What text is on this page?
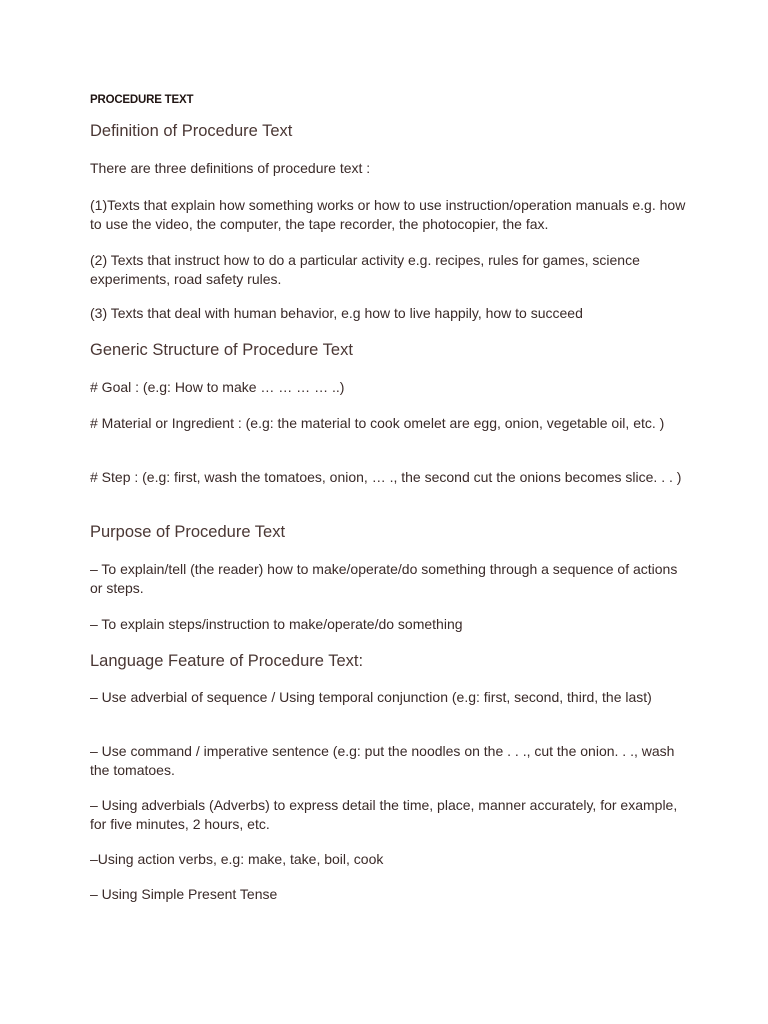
PROCEDURE TEXT
Definition of Procedure Text
There are three definitions of procedure text :
(1)Texts that explain how something works or how to use instruction/operation manuals e.g. how to use the video, the computer, the tape recorder, the photocopier, the fax.
(2) Texts that instruct how to do a particular activity e.g. recipes, rules for games, science experiments, road safety rules.
(3) Texts that deal with human behavior, e.g how to live happily, how to succeed
Generic Structure of Procedure Text
# Goal : (e.g: How to make … … … … ..)
# Material or Ingredient : (e.g: the material to cook omelet are egg, onion, vegetable oil, etc. )
# Step : (e.g: first, wash the tomatoes, onion, … ., the second cut the onions becomes slice. . . )
Purpose of Procedure Text
– To explain/tell (the reader) how to make/operate/do something through a sequence of actions or steps.
– To explain steps/instruction to make/operate/do something
Language Feature of Procedure Text:
– Use adverbial of sequence / Using temporal conjunction (e.g: first, second, third, the last)
– Use command / imperative sentence (e.g: put the noodles on the . . ., cut the onion. . ., wash the tomatoes.
– Using adverbials (Adverbs) to express detail the time, place, manner accurately, for example, for five minutes, 2 hours, etc.
–Using action verbs, e.g: make, take, boil, cook
– Using Simple Present Tense
